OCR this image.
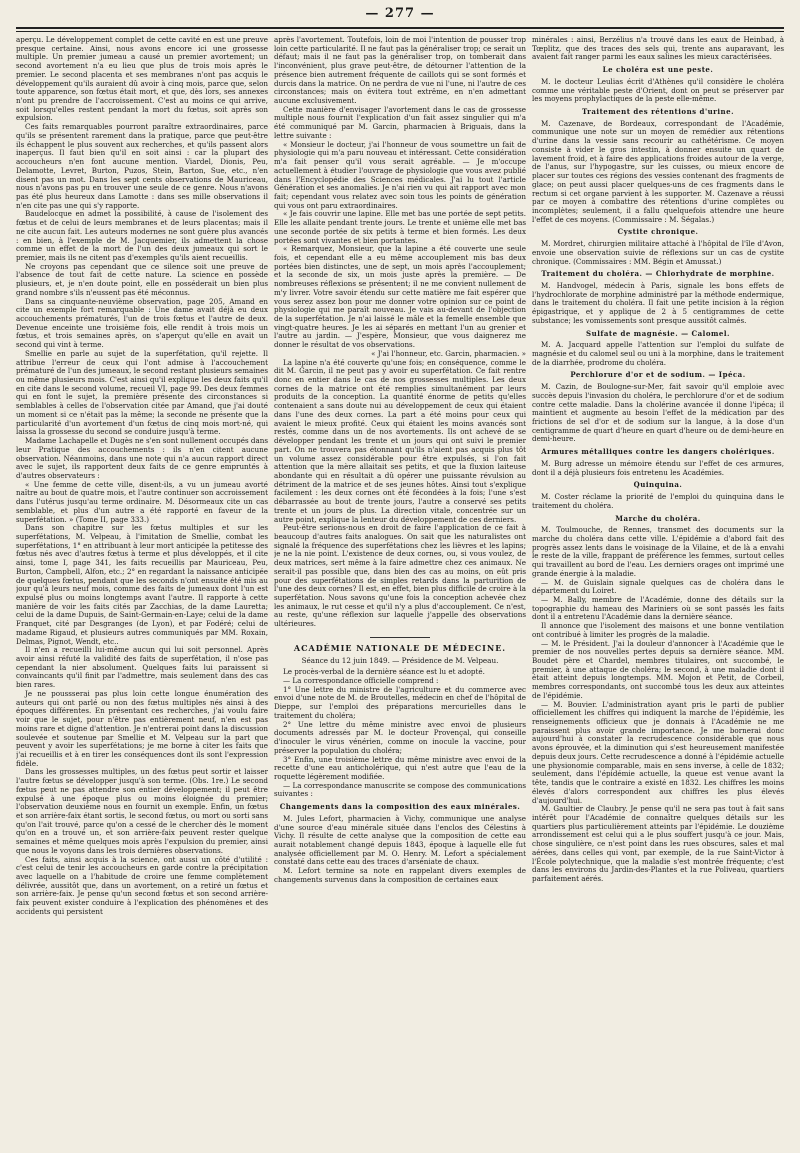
— 277 —

aperçu. Le développement complet de cette cavité en est une preuve presque certaine. Ainsi, nous avons encore ici une grossesse multiple. Un premier jumeau a causé un premier avortement; un second avortement n'a eu lieu que plus de trois mois après le premier. Le second placenta et ses membranes n'ont pas acquis le développement qu'ils auraient dû avoir à cinq mois, parce que, selon toute apparence, son fœtus était mort, et que, dès lors, ses annexes n'ont pu prendre de l'accroissement. C'est au moins ce qui arrive, soit lorsqu'elles restent pendant la mort du fœtus, soit après son expulsion.

Ces faits remarquables pourront paraître extraordinaires, parce qu'ils se présentent rarement dans la pratique, parce que peut-être ils échappent le plus souvent aux recherches, et qu'ils passent alors inaperçus. Il faut bien qu'il en soit ainsi : car la plupart des accoucheurs n'en font aucune mention. Viardel, Dionis, Peu, Delamotte, Levret, Burton, Puzos, Stein, Barton, Sue, etc., n'en disent pas un mot. Dans les sept cents observations de Mauriceau, nous n'avons pas pu en trouver une seule de ce genre. Nous n'avons pas été plus heureux dans Lamotte : dans ses mille observations il n'en cite pas une qui s'y rapporte.

Baudelocque en admet la possibilité, à cause de l'isolement des fœtus et de celui de leurs membranes et de leurs placentas; mais il ne cite aucun fait. Les auteurs modernes ne sont guère plus avancés : en bien, à l'exemple de M. Jacquemier, ils admettent la chose comme un effet de la mort de l'un des deux jumeaux qui sort le premier, mais ils ne citent pas d'exemples qu'ils aient recueillis.

Ne croyons pas cependant que ce silence soit une preuve de l'absence de tout fait de cette nature. La science en possède plusieurs, et, je n'en doute point, elle en posséderait un bien plus grand nombre s'ils n'eussent pas été méconnus.

Dans sa cinquante-neuvième observation, page 205, Amand en cite un exemple fort remarquable : Une dame avait déjà eu deux accouchements prématurés, l'un de trois fœtus et l'autre de deux. Devenue enceinte une troisième fois, elle rendit à trois mois un fœtus, et trois semaines après, on s'aperçut qu'elle en avait un second qui vint à terme.

Smellie en parle au sujet de la superfétation, qu'il rejette. Il attribue l'erreur de ceux qui l'ont admise à l'accouchement prématuré de l'un des jumeaux, le second restant plusieurs semaines ou même plusieurs mois. C'est ainsi qu'il explique les deux faits qu'il en cite dans le second volume, recueil VI, page 99. Des deux femmes qui en font le sujet, la première présente des circonstances si semblables à celles de l'observation citée par Amand, que j'ai douté un moment si ce n'était pas la même; la seconde ne présente que la particularité d'un avortement d'un fœtus de cinq mois mort-né, qui laissa la grossesse du second se conduire jusqu'à terme.

Madame Lachapelle et Dugès ne s'en sont nullement occupés dans leur Pratique des accouchements : ils n'en citent aucune observation. Néanmoins, dans une note qui n'a aucun rapport direct avec le sujet, ils rapportent deux faits de ce genre empruntés à d'autres observateurs :

« Une femme de cette ville, disent-ils, a vu un jumeau avorté naître au bout de quatre mois, et l'autre continuer son accroissement dans l'utérus jusqu'au terme ordinaire. M. Désormeaux cite un cas semblable, et plus d'un autre a été rapporté en faveur de la superfétation. » (Tome II, page 333.)

Dans son chapitre sur les fœtus multiples et sur les superfétations, M. Velpeau, à l'imitation de Smellie, combat les superfétations, 1° en attribuant à leur mort anticipée la petitesse des fœtus nés avec d'autres fœtus à terme et plus développés, et il cite ainsi, tome I, page 341, les faits recueillis par Mauriceau, Peu, Burton, Campbell, Alfon, etc.; 2° en regardant la naissance anticipée de quelques fœtus, pendant que les seconds n'ont ensuite été mis au jour qu'à leurs neuf mois, comme des faits de jumeaux dont l'un est expulsé plus ou moins longtemps avant l'autre. Il rapporte à cette manière de voir les faits cités par Zacchias, de la dame Lauretta; celui de la dame Dupuis, de Saint-Germain-en-Laye; celui de la dame Franquet, cité par Desgranges (de Lyon), et par Fodéré; celui de madame Rigaud, et plusieurs autres communiqués par MM. Roxain, Delmas, Pignot, Wendt, etc..

Il n'en a recueilli lui-même aucun qui lui soit personnel. Après avoir ainsi réfuté la validité des faits de superfétation, il n'ose pas cependant la nier absolument. Quelques faits lui paraissent si convaincants qu'il finit par l'admettre, mais seulement dans des cas bien rares.

Je ne poussserai pas plus loin cette longue énumération des auteurs qui ont parlé ou non des fœtus multiples nés ainsi à des époques différentes. En présentant ces recherches, j'ai voulu faire voir que le sujet, pour n'être pas entièrement neuf, n'en est pas moins rare et digne d'attention. Je n'entrerai point dans la discussion soulevée et soutenue par Smellie et M. Velpeau sur la part que peuvent y avoir les superfétations; je me borne à citer les faits que j'ai recueillis et à en tirer les conséquences dont ils sont l'expression fidèle.

Dans les grossesses multiples, un des fœtus peut sortir et laisser l'autre fœtus se développer jusqu'à son terme. (Obs. 1re.) Le second fœtus peut ne pas attendre son entier développement; il peut être expulsé à une époque plus ou moins éloignée du premier; l'observation deuxième nous en fournit un exemple. Enfin, un fœtus et son arrière-faix étant sortis, le second fœtus, ou mort ou sorti sans qu'on l'ait trouvé, parce qu'on a cessé de le chercher dès le moment qu'on en a trouvé un, et son arrière-faix peuvent rester quelque semaines et même quelques mois après l'expulsion du premier, ainsi que nous le voyons dans les trois dernières observations.

Ces faits, ainsi acquis à la science, ont aussi un côté d'utilité : c'est celui de tenir les accoucheurs en garde contre la précipitation avec laquelle on a l'habitude de croire une femme complètement délivrée, aussitôt que, dans un avortement, on a retiré un fœtus et son arrière-faix. Je pense qu'un second fœtus et son second arrière-faix peuvent exister conduire à l'explication des phénomènes et des accidents qui persistent

après l'avortement. Toutefois, loin de moi l'intention de pousser trop loin cette particularité. Il ne faut pas la généraliser trop; ce serait un défaut; mais il ne faut pas la généraliser trop, on tomberait dans l'inconvénient, plus grave peut-être, de détourner l'attention de la présence bien autrement fréquente de caillots qui se sont formés et durcis dans la matrice. On ne perdra de vue ni l'une, ni l'autre de ces circonstances; mais on évitera tout extrême, en n'en admettant aucune exclusivement.

Cette manière d'envisager l'avortement dans le cas de grossesse multiple nous fournit l'explication d'un fait assez singulier qui m'a été communiqué par M. Garcin, pharmacien à Briguais, dans la lettre suivante :

« Monsieur le docteur, j'ai l'honneur de vous soumettre un fait de physiologie qui m'a paru nouveau et intéressant. Cette considération m'a fait penser qu'il vous serait agréable. — Je m'occupe actuellement à étudier l'ouvrage de physiologie que vous avez publié dans l'Encyclopédie des Sciences médicales. J'ai lu tout l'article Génération et ses anomalies. Je n'ai rien vu qui ait rapport avec mon fait; cependant vous relatez avec soin tous les points de génération qui vous ont paru extraordinaires.

« Je fais couvrir une lapine. Elle met bas une portée de sept petits. Elle les allaite pendant trente jours. Le trente et unième elle met bas une seconde portée de six petits à terme et bien formés. Les deux portées sont vivantes et bien portantes.

« Remarquez, Monsieur, que la lapine a été couverte une seule fois, et cependant elle a eu même accouplement mis bas deux portées bien distinctes, une de sept, un mois après l'accouplement; et la seconde de six, un mois juste après la première. — De nombreuses réflexions se présentent; il ne me convient nullement de m'y livrer. Votre savoir étendu sur cette matière me fait espérer que vous serez assez bon pour me donner votre opinion sur ce point de physiologie qui me paraît nouveau. Je vais au-devant de l'objection de la superfétation. Je n'ai laissé le mâle et la femelle ensemble que vingt-quatre heures. Je les ai séparés en mettant l'un au grenier et l'autre au jardin. — J'espère, Monsieur, que vous daignerez me donner le résultat de vos observations.

« J'ai l'honneur, etc. Garcin, pharmacien. »

La lapine n'a été couverte qu'une fois; en conséquence, comme le dit M. Garcin, il ne peut pas y avoir eu superfétation. Ce fait rentre donc en entier dans le cas de nos grossesses multiples. Les deux cornes de la matrice ont été remplies simultanément par leurs produits de la conception. La quantité énorme de petits qu'elles contenaient a sans doute nui au développement de ceux qui étaient dans l'une des deux cornes. La part a été moins pour ceux qui avaient le mieux profité. Ceux qui étaient les moins avancés sont restés, comme dans un de nos avortements. Ils ont achevé de se développer pendant les trente et un jours qui ont suivi le premier part. On ne trouvera pas étonnant qu'ils n'aient pas acquis plus tôt un volume assez considérable pour être expulsés, si l'on fait attention que la mère allaitait ses petits, et que la fluxion laiteuse abondante qui en résultait a dû opérer une puissante révulsion au détriment de la matrice et de ses jeunes hôtes. Ainsi tout s'explique facilement : les deux cornes ont été fécondées à la fois; l'une s'est débarrassée au bout de trente jours, l'autre a conservé ses petits trente et un jours de plus. La direction vitale, concentrée sur un autre point, explique la lenteur du développement de ces derniers.

Peut-être serions-nous en droit de faire l'application de ce fait à beaucoup d'autres faits analogues. On sait que les naturalistes ont signalé la fréquence des superfétations chez les lièvres et les lapins; je ne la nie point. L'existence de deux cornes, ou, si vous voulez, de deux matrices, sert même à la faire admettre chez ces animaux. Ne serait-il pas possible que, dans bien des cas au moins, on eût pris pour des superfétations de simples retards dans la parturition de l'une des deux cornes? Il est, en effet, bien plus difficile de croire à la superfétation. Nous savons qu'une fois la conception achevée chez les animaux, le rut cesse et qu'il n'y a plus d'accouplement. Ce n'est, au reste, qu'une réflexion sur laquelle j'appelle des observations ultérieures.

ACADÉMIE NATIONALE DE MÉDECINE.
Séance du 12 juin 1849. — Présidence de M. Velpeau.

Le procès-verbal de la dernière séance est lu et adopté.

— La correspondance officielle comprend :

1° Une lettre du ministre de l'agriculture et du commerce avec envoi d'une note de M. de Broutelles, médecin en chef de l'hôpital de Dieppe, sur l'emploi des préparations mercurielles dans le traitement du choléra;

2° Une lettre du même ministre avec envoi de plusieurs documents adressés par M. le docteur Provençal, qui conseille d'inoculer le virus vénérien, comme on inocule la vaccine, pour préserver la population du choléra;

3° Enfin, une troisième lettre du même ministre avec envoi de la recette d'une eau anticholérique, qui n'est autre que l'eau de la roquette légèrement modifiée.

— La correspondance manuscrite se compose des communications suivantes :

Changements dans la composition des eaux minérales.

M. Jules Lefort, pharmacien à Vichy, communique une analyse d'une source d'eau minérale située dans l'enclos des Célestins à Vichy. Il résulte de cette analyse que la composition de cette eau aurait notablement changé depuis 1843, époque à laquelle elle fut analysée officiellement par M. O. Henry. M. Lefort a spécialement constaté dans cette eau des traces d'arséniate de chaux.

M. Lefort termine sa note en rappelant divers exemples de changements survenus dans la composition de certaines eaux

minérales : ainsi, Berzélius n'a trouvé dans les eaux de Heinbad, à Tœplitz, que des traces des sels qui, trente ans auparavant, les avaient fait ranger parmi les eaux salines les mieux caractérisées.

Le choléra est une peste.

M. le docteur Leulias écrit d'Athènes qu'il considère le choléra comme une véritable peste d'Orient, dont on peut se préserver par les moyens prophylactiques de la peste elle-même.

Traitement des rétentions d'urine.

M. Cazenave, de Bordeaux, correspondant de l'Académie, communique une note sur un moyen de remédier aux rétentions d'urine dans la vessie sans recourir au cathétérisme. Ce moyen consiste à vider le gros intestin, à donner ensuite un quart de lavement froid, et à faire des applications froides autour de la verge, de l'anus, sur l'hypogastre, sur les cuisses, ou mieux encore de placer sur toutes ces régions des vessies contenant des fragments de glace; on peut aussi placer quelques-uns de ces fragments dans le rectum si cet organe parvient à les supporter. M. Cazenave a réussi par ce moyen à combattre des rétentions d'urine complètes ou incomplètes; seulement, il a fallu quelquefois attendre une heure l'effet de ces moyens. (Commissaire : M. Ségalas.)

Cystite chronique.

M. Mordret, chirurgien militaire attaché à l'hôpital de l'île d'Avon, envoie une observation suivie de réflexions sur un cas de cystite chronique. (Commissaires : MM. Bégin et Amussat.)

Traitement du choléra. — Chlorhydrate de morphine.

M. Handvogel, médecin à Paris, signale les bons effets de l'hydrochlorate de morphine administré par la méthode endermique, dans le traitement du choléra. Il fait une petite incision à la région épigastrique, et y applique de 2 à 5 centigrammes de cette substance; les vomissements sont presque aussitôt calmés.

Sulfate de magnésie. — Calomel.

M. A. Jacquard appelle l'attention sur l'emploi du sulfate de magnésie et du calomel seul ou uni à la morphine, dans le traitement de la diarrhée, prodrome du choléra.

Perchlorure d'or et de sodium. — Ipéca.

M. Cazin, de Boulogne-sur-Mer, fait savoir qu'il emploie avec succès depuis l'invasion du choléra, le perchlorure d'or et de sodium contre cette maladie. Dans la cholérine avancée il donne l'ipéca; il maintient et augmente au besoin l'effet de la médication par des frictions de sel d'or et de sodium sur la langue, à la dose d'un centigramme de quart d'heure en quart d'heure ou de demi-heure en demi-heure.

Armures métalliques contre les dangers cholériques.

M. Burg adresse un mémoire étendu sur l'effet de ces armures, dont il a déjà plusieurs fois entretenu les Académies.

Quinquina.

M. Coster réclame la priorité de l'emploi du quinquina dans le traitement du choléra.

Marche du choléra.

M. Toulmouche, de Rennes, transmet des documents sur la marche du choléra dans cette ville. L'épidémie a d'abord fait des progrès assez lents dans le voisinage de la Vilaine, et de là a envahi le reste de la ville, frappant de préférence les femmes, surtout celles qui travaillent au bord de l'eau. Les derniers orages ont imprimé une grande énergie à la maladie.

— M. de Guislain signale quelques cas de choléra dans le département du Loiret.

— M. Bally, membre de l'Académie, donne des détails sur la topographie du hameau des Mariniers où se sont passés les faits dont il a entretenu l'Académie dans la dernière séance.

Il annonce que l'isolement des maisons et une bonne ventilation ont contribué à limiter les progrès de la maladie.

— M. le Président. J'ai la douleur d'annoncer à l'Académie que le premier de nos nouvelles pertes depuis sa dernière séance. MM. Boudet père et Chardel, membres titulaires, ont succombé, le premier, à une attaque de choléra; le second, à une maladie dont il était atteint depuis longtemps. MM. Mojon et Petit, de Corbeil, membres correspondants, ont succombé tous les deux aux atteintes de l'épidémie.

— M. Bouvier. L'administration ayant pris le parti de publier officiellement les chiffres qui indiquent la marche de l'épidémie, les renseignements officieux que je donnais à l'Académie ne me paraissent plus avoir grande importance. Je me bornerai donc aujourd'hui à constater la recrudescence considérable que nous avons éprouvée, et la diminution qui s'est heureusement manifestée depuis deux jours. Cette recrudescence a donné à l'épidémie actuelle une physionomie comparable, mais en sens inverse, à celle de 1832; seulement, dans l'épidémie actuelle, la queue est venue avant la tête, tandis que le contraire a existé en 1832. Les chiffres les moins élevés d'alors correspondent aux chiffres les plus élevés d'aujourd'hui.

M. Gaultier de Claubry. Je pense qu'il ne sera pas tout à fait sans intérêt pour l'Académie de connaître quelques détails sur les quartiers plus particulièrement atteints par l'épidémie. Le douzième arrondissement est celui qui a le plus souffert jusqu'à ce jour. Mais, chose singulière, ce n'est point dans les rues obscures, sales et mal aérées, dans celles qui vont, par exemple, de la rue Saint-Victor à l'École polytechnique, que la maladie s'est montrée fréquente; c'est dans les environs du Jardin-des-Plantes et la rue Poliveau, quartiers parfaitement aérés.
